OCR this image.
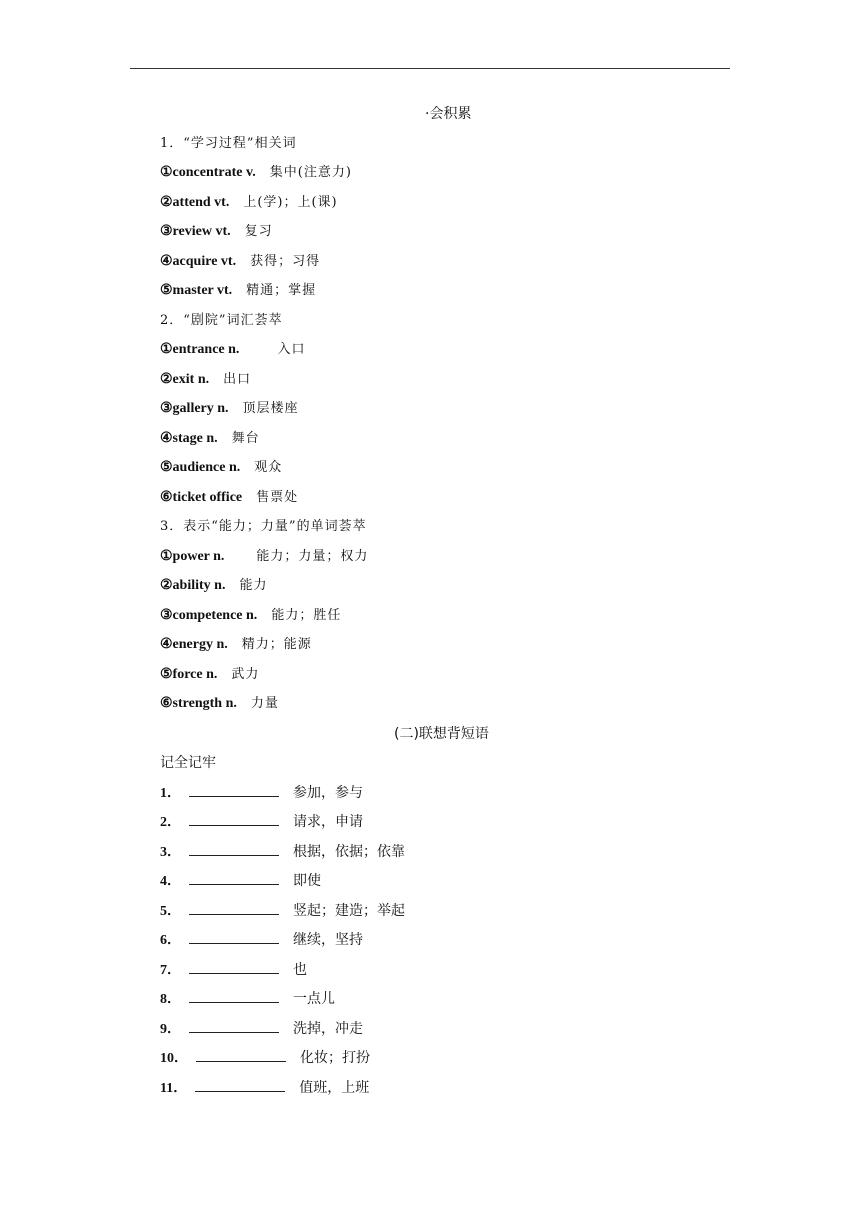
·会积累
1．“学习过程”相关词
①concentrate v. 集中(注意力)
②attend vt. 上(学)；上(课)
③review vt. 复习
④acquire vt. 获得；习得
⑤master vt. 精通；掌握
2．“剧院”词汇荟萃
①entrance n.	入口
②exit n. 出口
③gallery n. 顶层楼座
④stage n. 舞台
⑤audience n. 观众
⑥ticket office 售票处
3．表示“能力；力量”的单词荟萃
①power n. 能力；力量；权力
②ability n. 能力
③competence n. 能力；胜任
④energy n. 精力；能源
⑤force n. 武力
⑥strength n. 力量
(二)联想背短语
记全记牢
1．	参加，参与
2．	请求，申请
3．	根据，依据；依靠
4．	即使
5．	竖起；建造；举起
6．	继续，坚持
7．	也
8．	一点儿
9．	洗掉，冲走
10．	化妆；打扮
11．	值班，上班
